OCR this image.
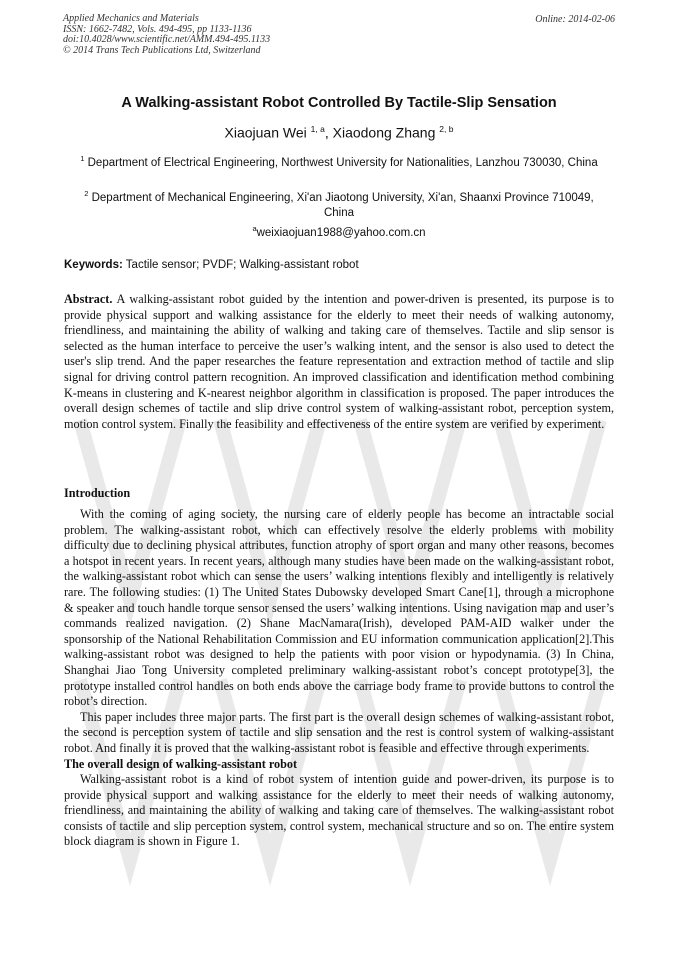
Applied Mechanics and Materials
ISSN: 1662-7482, Vols. 494-495, pp 1133-1136
doi:10.4028/www.scientific.net/AMM.494-495.1133
© 2014 Trans Tech Publications Ltd, Switzerland
Online: 2014-02-06
A Walking-assistant Robot Controlled By Tactile-Slip Sensation
Xiaojuan Wei $^{1, a}$, Xiaodong Zhang $^{2, b}$
$^1$ Department of Electrical Engineering, Northwest University for Nationalities, Lanzhou 730030, China
$^2$ Department of Mechanical Engineering, Xi'an Jiaotong University, Xi'an, Shaanxi Province 710049, China
$^a$weixiaojuan1988@yahoo.com.cn
Keywords: Tactile sensor; PVDF; Walking-assistant robot
Abstract. A walking-assistant robot guided by the intention and power-driven is presented, its purpose is to provide physical support and walking assistance for the elderly to meet their needs of walking autonomy, friendliness, and maintaining the ability of walking and taking care of themselves. Tactile and slip sensor is selected as the human interface to perceive the user’s walking intent, and the sensor is also used to detect the user's slip trend. And the paper researches the feature representation and extraction method of tactile and slip signal for driving control pattern recognition. An improved classification and identification method combining K-means in clustering and K-nearest neighbor algorithm in classification is proposed. The paper introduces the overall design schemes of tactile and slip drive control system of walking-assistant robot, perception system, motion control system. Finally the feasibility and effectiveness of the entire system are verified by experiment.
Introduction

With the coming of aging society, the nursing care of elderly people has become an intractable social problem. The walking-assistant robot, which can effectively resolve the elderly problems with mobility difficulty due to declining physical attributes, function atrophy of sport organ and many other reasons, becomes a hotspot in recent years. In recent years, although many studies have been made on the walking-assistant robot, the walking-assistant robot which can sense the users’ walking intentions flexibly and intelligently is relatively rare. The following studies: (1) The United States Dubowsky developed Smart Cane[1], through a microphone & speaker and touch handle torque sensor sensed the users’ walking intentions. Using navigation map and user’s commands realized navigation. (2) Shane MacNamara(Irish), developed PAM-AID walker under the sponsorship of the National Rehabilitation Commission and EU information communication application[2].This walking-assistant robot was designed to help the patients with poor vision or hypodynamia. (3) In China, Shanghai Jiao Tong University completed preliminary walking-assistant robot’s concept prototype[3], the prototype installed control handles on both ends above the carriage body frame to provide buttons to control the robot’s direction.

This paper includes three major parts. The first part is the overall design schemes of walking-assistant robot, the second is perception system of tactile and slip sensation and the rest is control system of walking-assistant robot. And finally it is proved that the walking-assistant robot is feasible and effective through experiments.

The overall design of walking-assistant robot

Walking-assistant robot is a kind of robot system of intention guide and power-driven, its purpose is to provide physical support and walking assistance for the elderly to meet their needs of walking autonomy, friendliness, and maintaining the ability of walking and taking care of themselves. The walking-assistant robot consists of tactile and slip perception system, control system, mechanical structure and so on. The entire system block diagram is shown in Figure 1.
